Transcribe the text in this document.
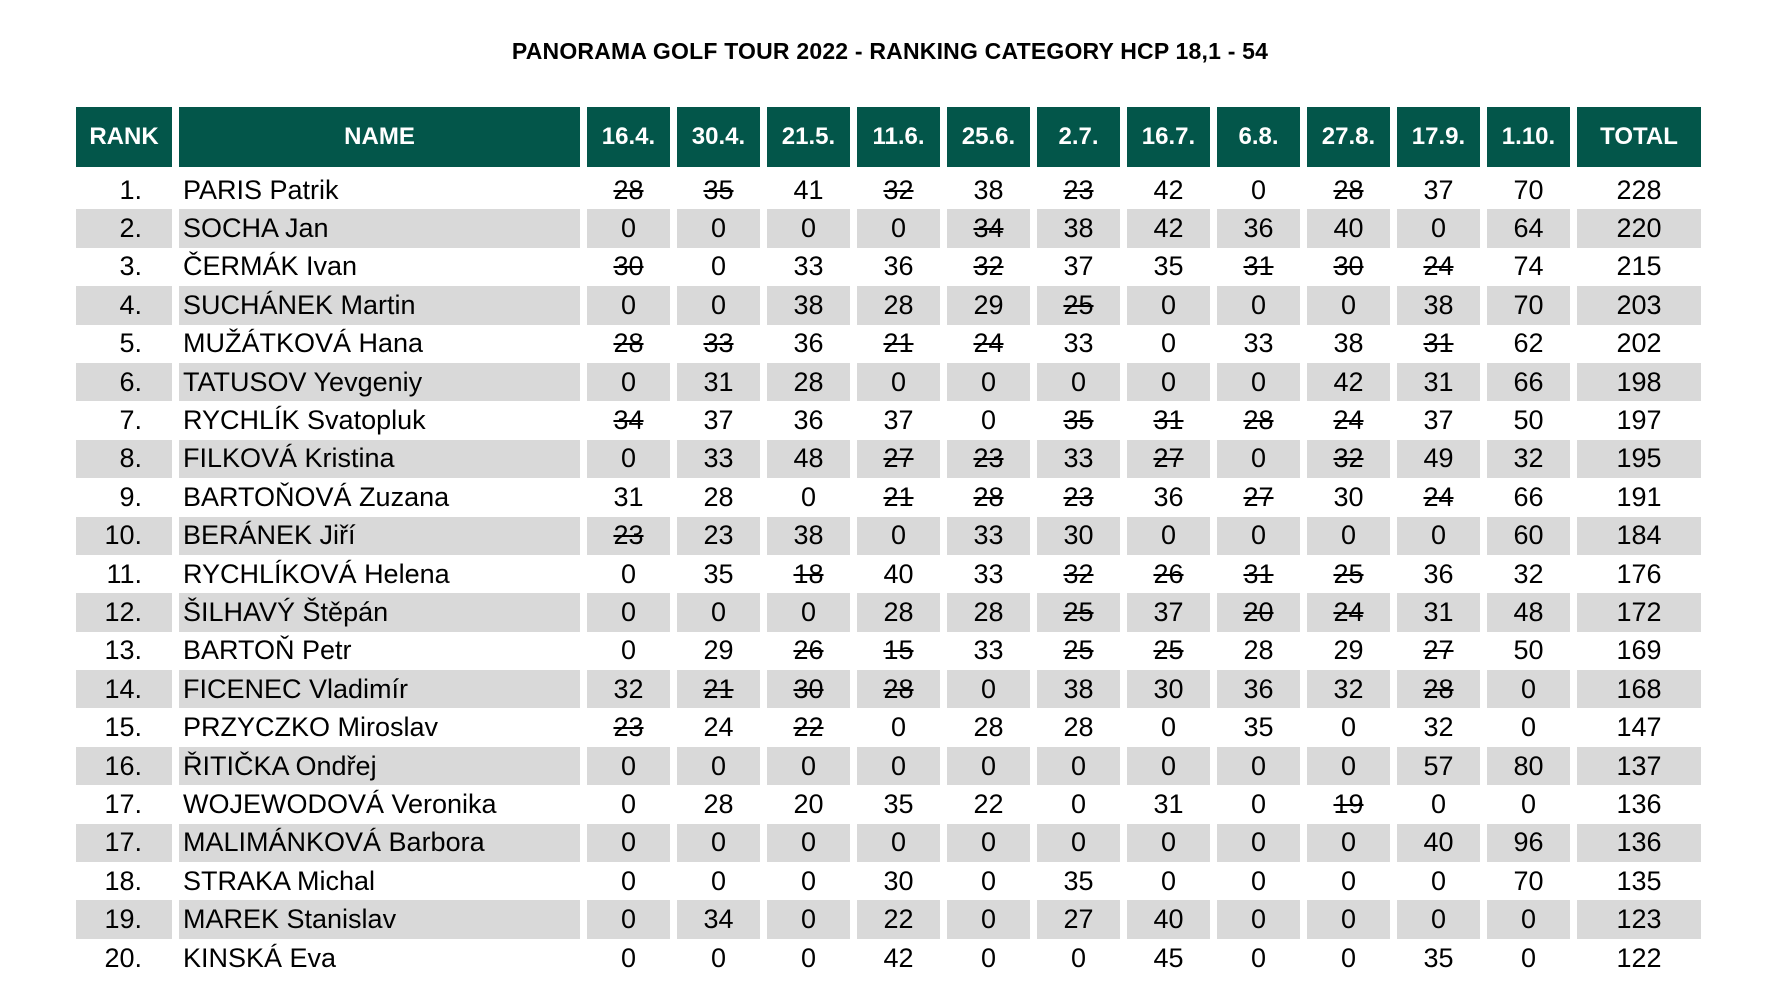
PANORAMA GOLF TOUR 2022 - RANKING CATEGORY HCP 18,1 - 54
RANK	NAME	16.4.	30.4.	21.5.	11.6.	25.6.	2.7.	16.7.	6.8.	27.8.	17.9.	1.10.	TOTAL
1.	PARIS Patrik	28	35	41	32	38	23	42	0	28	37	70	228
2.	SOCHA Jan	0	0	0	0	34	38	42	36	40	0	64	220
3.	ČERMÁK Ivan	30	0	33	36	32	37	35	31	30	24	74	215
4.	SUCHÁNEK Martin	0	0	38	28	29	25	0	0	0	38	70	203
5.	MUŽÁTKOVÁ Hana	28	33	36	21	24	33	0	33	38	31	62	202
6.	TATUSOV Yevgeniy	0	31	28	0	0	0	0	0	42	31	66	198
7.	RYCHLÍK Svatopluk	34	37	36	37	0	35	31	28	24	37	50	197
8.	FILKOVÁ Kristina	0	33	48	27	23	33	27	0	32	49	32	195
9.	BARTOŇOVÁ Zuzana	31	28	0	21	28	23	36	27	30	24	66	191
10.	BERÁNEK Jiří	23	23	38	0	33	30	0	0	0	0	60	184
11.	RYCHLÍKOVÁ Helena	0	35	18	40	33	32	26	31	25	36	32	176
12.	ŠILHAVÝ Štěpán	0	0	0	28	28	25	37	20	24	31	48	172
13.	BARTOŇ Petr	0	29	26	15	33	25	25	28	29	27	50	169
14.	FICENEC Vladimír	32	21	30	28	0	38	30	36	32	28	0	168
15.	PRZYCZKO Miroslav	23	24	22	0	28	28	0	35	0	32	0	147
16.	ŘITIČKA Ondřej	0	0	0	0	0	0	0	0	0	57	80	137
17.	WOJEWODOVÁ Veronika	0	28	20	35	22	0	31	0	19	0	0	136
17.	MALIMÁNKOVÁ Barbora	0	0	0	0	0	0	0	0	0	40	96	136
18.	STRAKA Michal	0	0	0	30	0	35	0	0	0	0	70	135
19.	MAREK Stanislav	0	34	0	22	0	27	40	0	0	0	0	123
20.	KINSKÁ Eva	0	0	0	42	0	0	45	0	0	35	0	122
